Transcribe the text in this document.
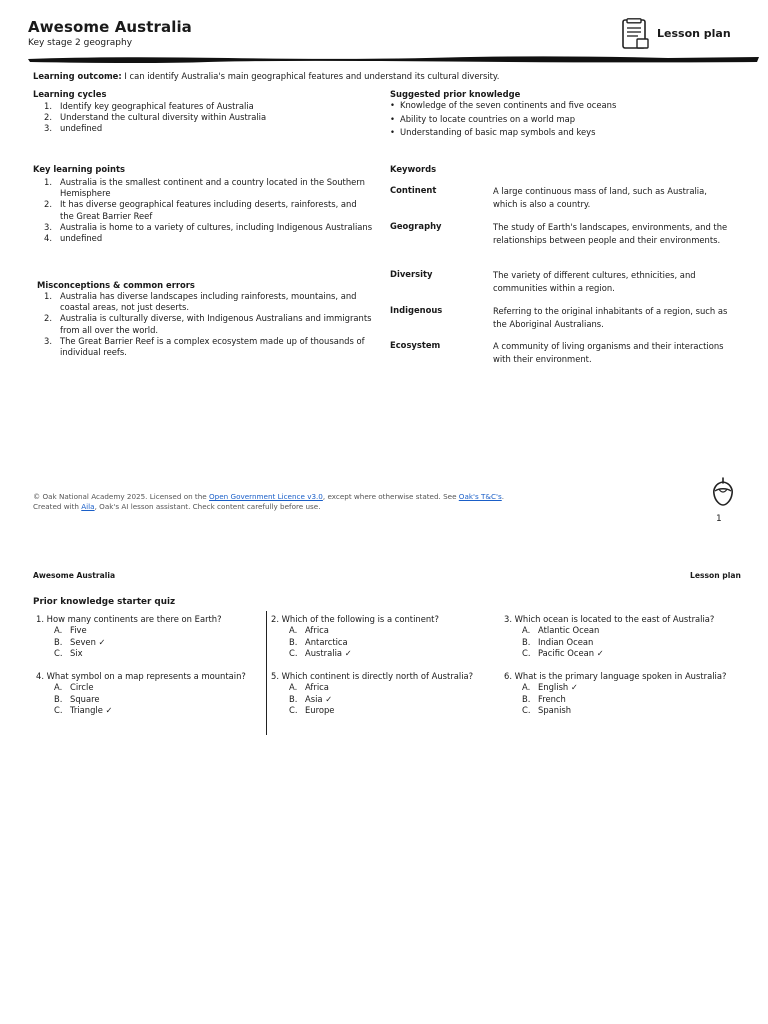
Awesome Australia
Key stage 2 geography
Lesson plan
Learning outcome: I can identify Australia's main geographical features and understand its cultural diversity.
Learning cycles
1. Identify key geographical features of Australia
2. Understand the cultural diversity within Australia
3. undefined
Suggested prior knowledge
• Knowledge of the seven continents and five oceans
• Ability to locate countries on a world map
• Understanding of basic map symbols and keys
Key learning points
1. Australia is the smallest continent and a country located in the Southern Hemisphere
2. It has diverse geographical features including deserts, rainforests, and the Great Barrier Reef
3. Australia is home to a variety of cultures, including Indigenous Australians
4. undefined
Misconceptions & common errors
1. Australia has diverse landscapes including rainforests, mountains, and coastal areas, not just deserts.
2. Australia is culturally diverse, with Indigenous Australians and immigrants from all over the world.
3. The Great Barrier Reef is a complex ecosystem made up of thousands of individual reefs.
Keywords
Continent	A large continuous mass of land, such as Australia, which is also a country.
Geography	The study of Earth's landscapes, environments, and the relationships between people and their environments.
Diversity	The variety of different cultures, ethnicities, and communities within a region.
Indigenous	Referring to the original inhabitants of a region, such as the Aboriginal Australians.
Ecosystem	A community of living organisms and their interactions with their environment.
© Oak National Academy 2025. Licensed on the Open Government Licence v3.0, except where otherwise stated. See Oak's T&C's.
Created with Aila, Oak's AI lesson assistant. Check content carefully before use.
1
Awesome Australia	Lesson plan
Prior knowledge starter quiz
1. How many continents are there on Earth?
A. Five
B. Seven ✓
C. Six
2. Which of the following is a continent?
A. Africa
B. Antarctica
C. Australia ✓
3. Which ocean is located to the east of Australia?
A. Atlantic Ocean
B. Indian Ocean
C. Pacific Ocean ✓
4. What symbol on a map represents a mountain?
A. Circle
B. Square
C. Triangle ✓
5. Which continent is directly north of Australia?
A. Africa
B. Asia ✓
C. Europe
6. What is the primary language spoken in Australia?
A. English ✓
B. French
C. Spanish
